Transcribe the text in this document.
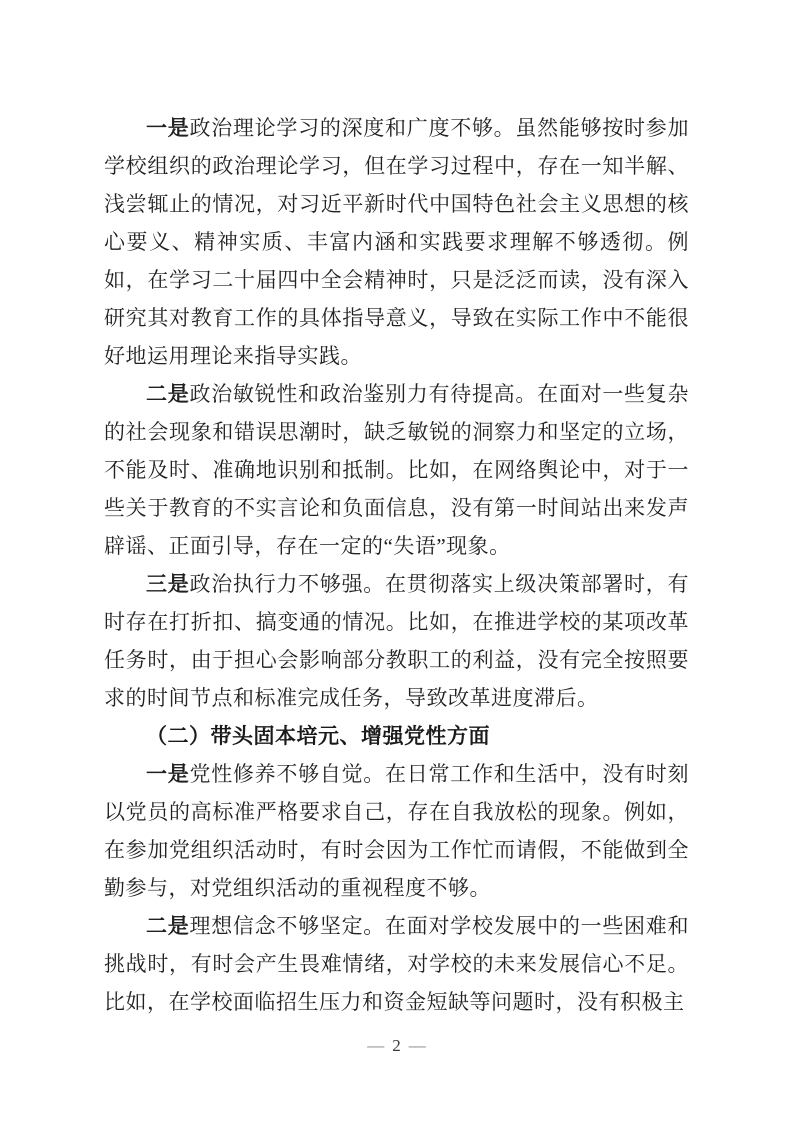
一是政治理论学习的深度和广度不够。虽然能够按时参加学校组织的政治理论学习，但在学习过程中，存在一知半解、浅尝辄止的情况，对习近平新时代中国特色社会主义思想的核心要义、精神实质、丰富内涵和实践要求理解不够透彻。例如，在学习二十届四中全会精神时，只是泛泛而读，没有深入研究其对教育工作的具体指导意义，导致在实际工作中不能很好地运用理论来指导实践。

二是政治敏锐性和政治鉴别力有待提高。在面对一些复杂的社会现象和错误思潮时，缺乏敏锐的洞察力和坚定的立场，不能及时、准确地识别和抵制。比如，在网络舆论中，对于一些关于教育的不实言论和负面信息，没有第一时间站出来发声辟谣、正面引导，存在一定的“失语”现象。

三是政治执行力不够强。在贯彻落实上级决策部署时，有时存在打折扣、搞变通的情况。比如，在推进学校的某项改革任务时，由于担心会影响部分教职工的利益，没有完全按照要求的时间节点和标准完成任务，导致改革进度滞后。

（二）带头固本培元、增强党性方面

一是党性修养不够自觉。在日常工作和生活中，没有时刻以党员的高标准严格要求自己，存在自我放松的现象。例如，在参加党组织活动时，有时会因为工作忙而请假，不能做到全勤参与，对党组织活动的重视程度不够。

二是理想信念不够坚定。在面对学校发展中的一些困难和挑战时，有时会产生畏难情绪，对学校的未来发展信心不足。比如，在学校面临招生压力和资金短缺等问题时，没有积极主

— 2 —
